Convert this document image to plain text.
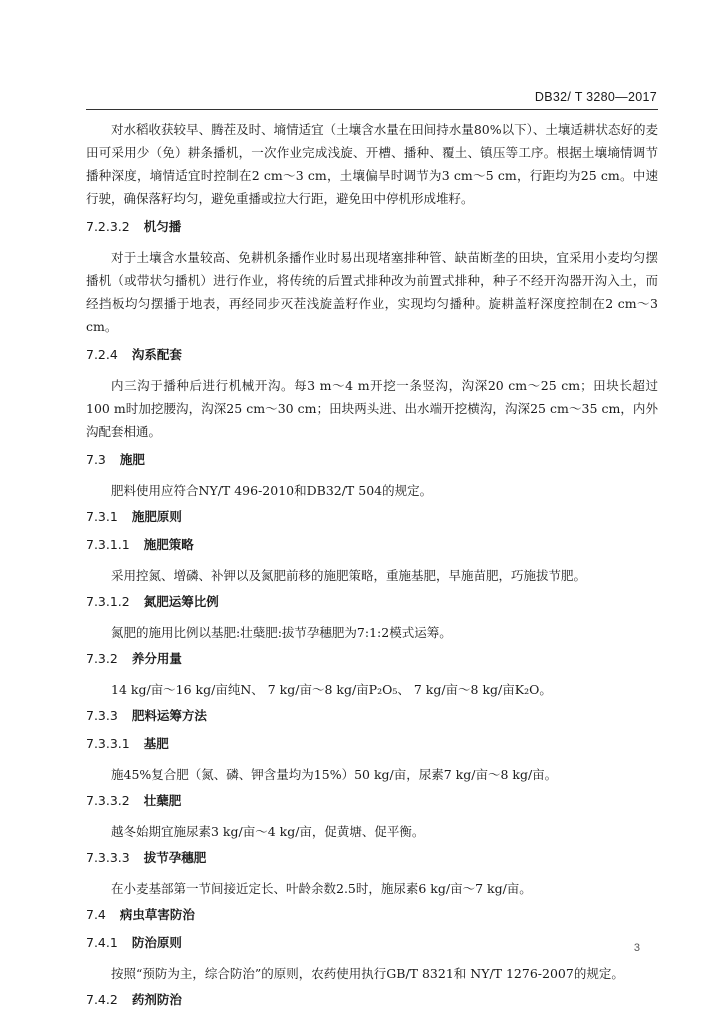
DB32/ T 3280—2017

对水稻收获较早、腾茬及时、墒情适宜（土壤含水量在田间持水量80%以下）、土壤适耕状态好的麦田可采用少（免）耕条播机，一次作业完成浅旋、开槽、播种、覆土、镇压等工序。根据土壤墒情调节播种深度，墒情适宜时控制在2 cm～3 cm，土壤偏旱时调节为3 cm～5 cm，行距均为25 cm。中速行驶，确保落籽均匀，避免重播或拉大行距，避免田中停机形成堆籽。

7.2.3.2 机匀播

对于土壤含水量较高、免耕机条播作业时易出现堵塞排种管、缺苗断垄的田块，宜采用小麦均匀摆播机（或带状匀播机）进行作业，将传统的后置式排种改为前置式排种，种子不经开沟器开沟入土，而经挡板均匀摆播于地表，再经同步灭茬浅旋盖籽作业，实现均匀播种。旋耕盖籽深度控制在2 cm～3 cm。

7.2.4 沟系配套

内三沟于播种后进行机械开沟。每3 m～4 m开挖一条竖沟，沟深20 cm～25 cm；田块长超过100 m时加挖腰沟，沟深25 cm～30 cm；田块两头进、出水端开挖横沟，沟深25 cm～35 cm，内外沟配套相通。

7.3 施肥

肥料使用应符合NY/T 496-2010和DB32/T 504的规定。

7.3.1 施肥原则
7.3.1.1 施肥策略

采用控氮、增磷、补钾以及氮肥前移的施肥策略，重施基肥，早施苗肥，巧施拔节肥。

7.3.1.2 氮肥运筹比例

氮肥的施用比例以基肥:壮蘖肥:拔节孕穗肥为7:1:2模式运筹。

7.3.2 养分用量

14 kg/亩～16 kg/亩纯N、 7 kg/亩～8 kg/亩P₂O₅、 7 kg/亩～8 kg/亩K₂O。

7.3.3 肥料运筹方法
7.3.3.1 基肥

施45%复合肥（氮、磷、钾含量均为15%）50 kg/亩，尿素7 kg/亩～8 kg/亩。

7.3.3.2 壮蘖肥

越冬始期宜施尿素3 kg/亩～4 kg/亩，促黄塘、促平衡。

7.3.3.3 拔节孕穗肥

在小麦基部第一节间接近定长、叶龄余数2.5时，施尿素6 kg/亩～7 kg/亩。

7.4 病虫草害防治
7.4.1 防治原则

按照“预防为主，综合防治”的原则，农药使用执行GB/T 8321和 NY/T 1276-2007的规定。

7.4.2 药剂防治
3
